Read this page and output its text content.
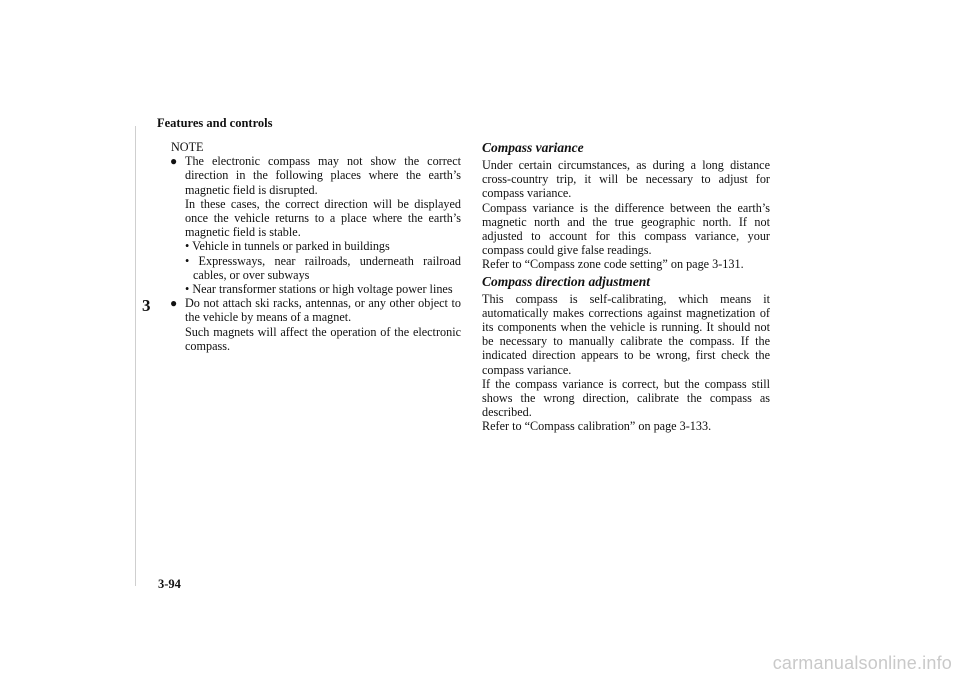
Features and controls
3
NOTE
● The electronic compass may not show the correct direction in the following places where the earth’s magnetic field is disrupted.

In these cases, the correct direction will be displayed once the vehicle returns to a place where the earth’s magnetic field is stable.

• Vehicle in tunnels or parked in buildings

• Expressways, near railroads, underneath railroad cables, or over subways

• Near transformer stations or high voltage power lines

● Do not attach ski racks, antennas, or any other object to the vehicle by means of a magnet.

Such magnets will affect the operation of the electronic compass.

Compass variance

Under certain circumstances, as during a long distance cross-country trip, it will be necessary to adjust for compass variance.

Compass variance is the difference between the earth’s magnetic north and the true geographic north. If not adjusted to account for this compass variance, your compass could give false readings.

Refer to “Compass zone code setting” on page 3-131.

Compass direction adjustment

This compass is self-calibrating, which means it automatically makes corrections against magnetization of its components when the vehicle is running. It should not be necessary to manually calibrate the compass. If the indicated direction appears to be wrong, first check the compass variance.

If the compass variance is correct, but the compass still shows the wrong direction, calibrate the compass as described.

Refer to “Compass calibration” on page 3-133.

3-94
carmanualsonline.info
